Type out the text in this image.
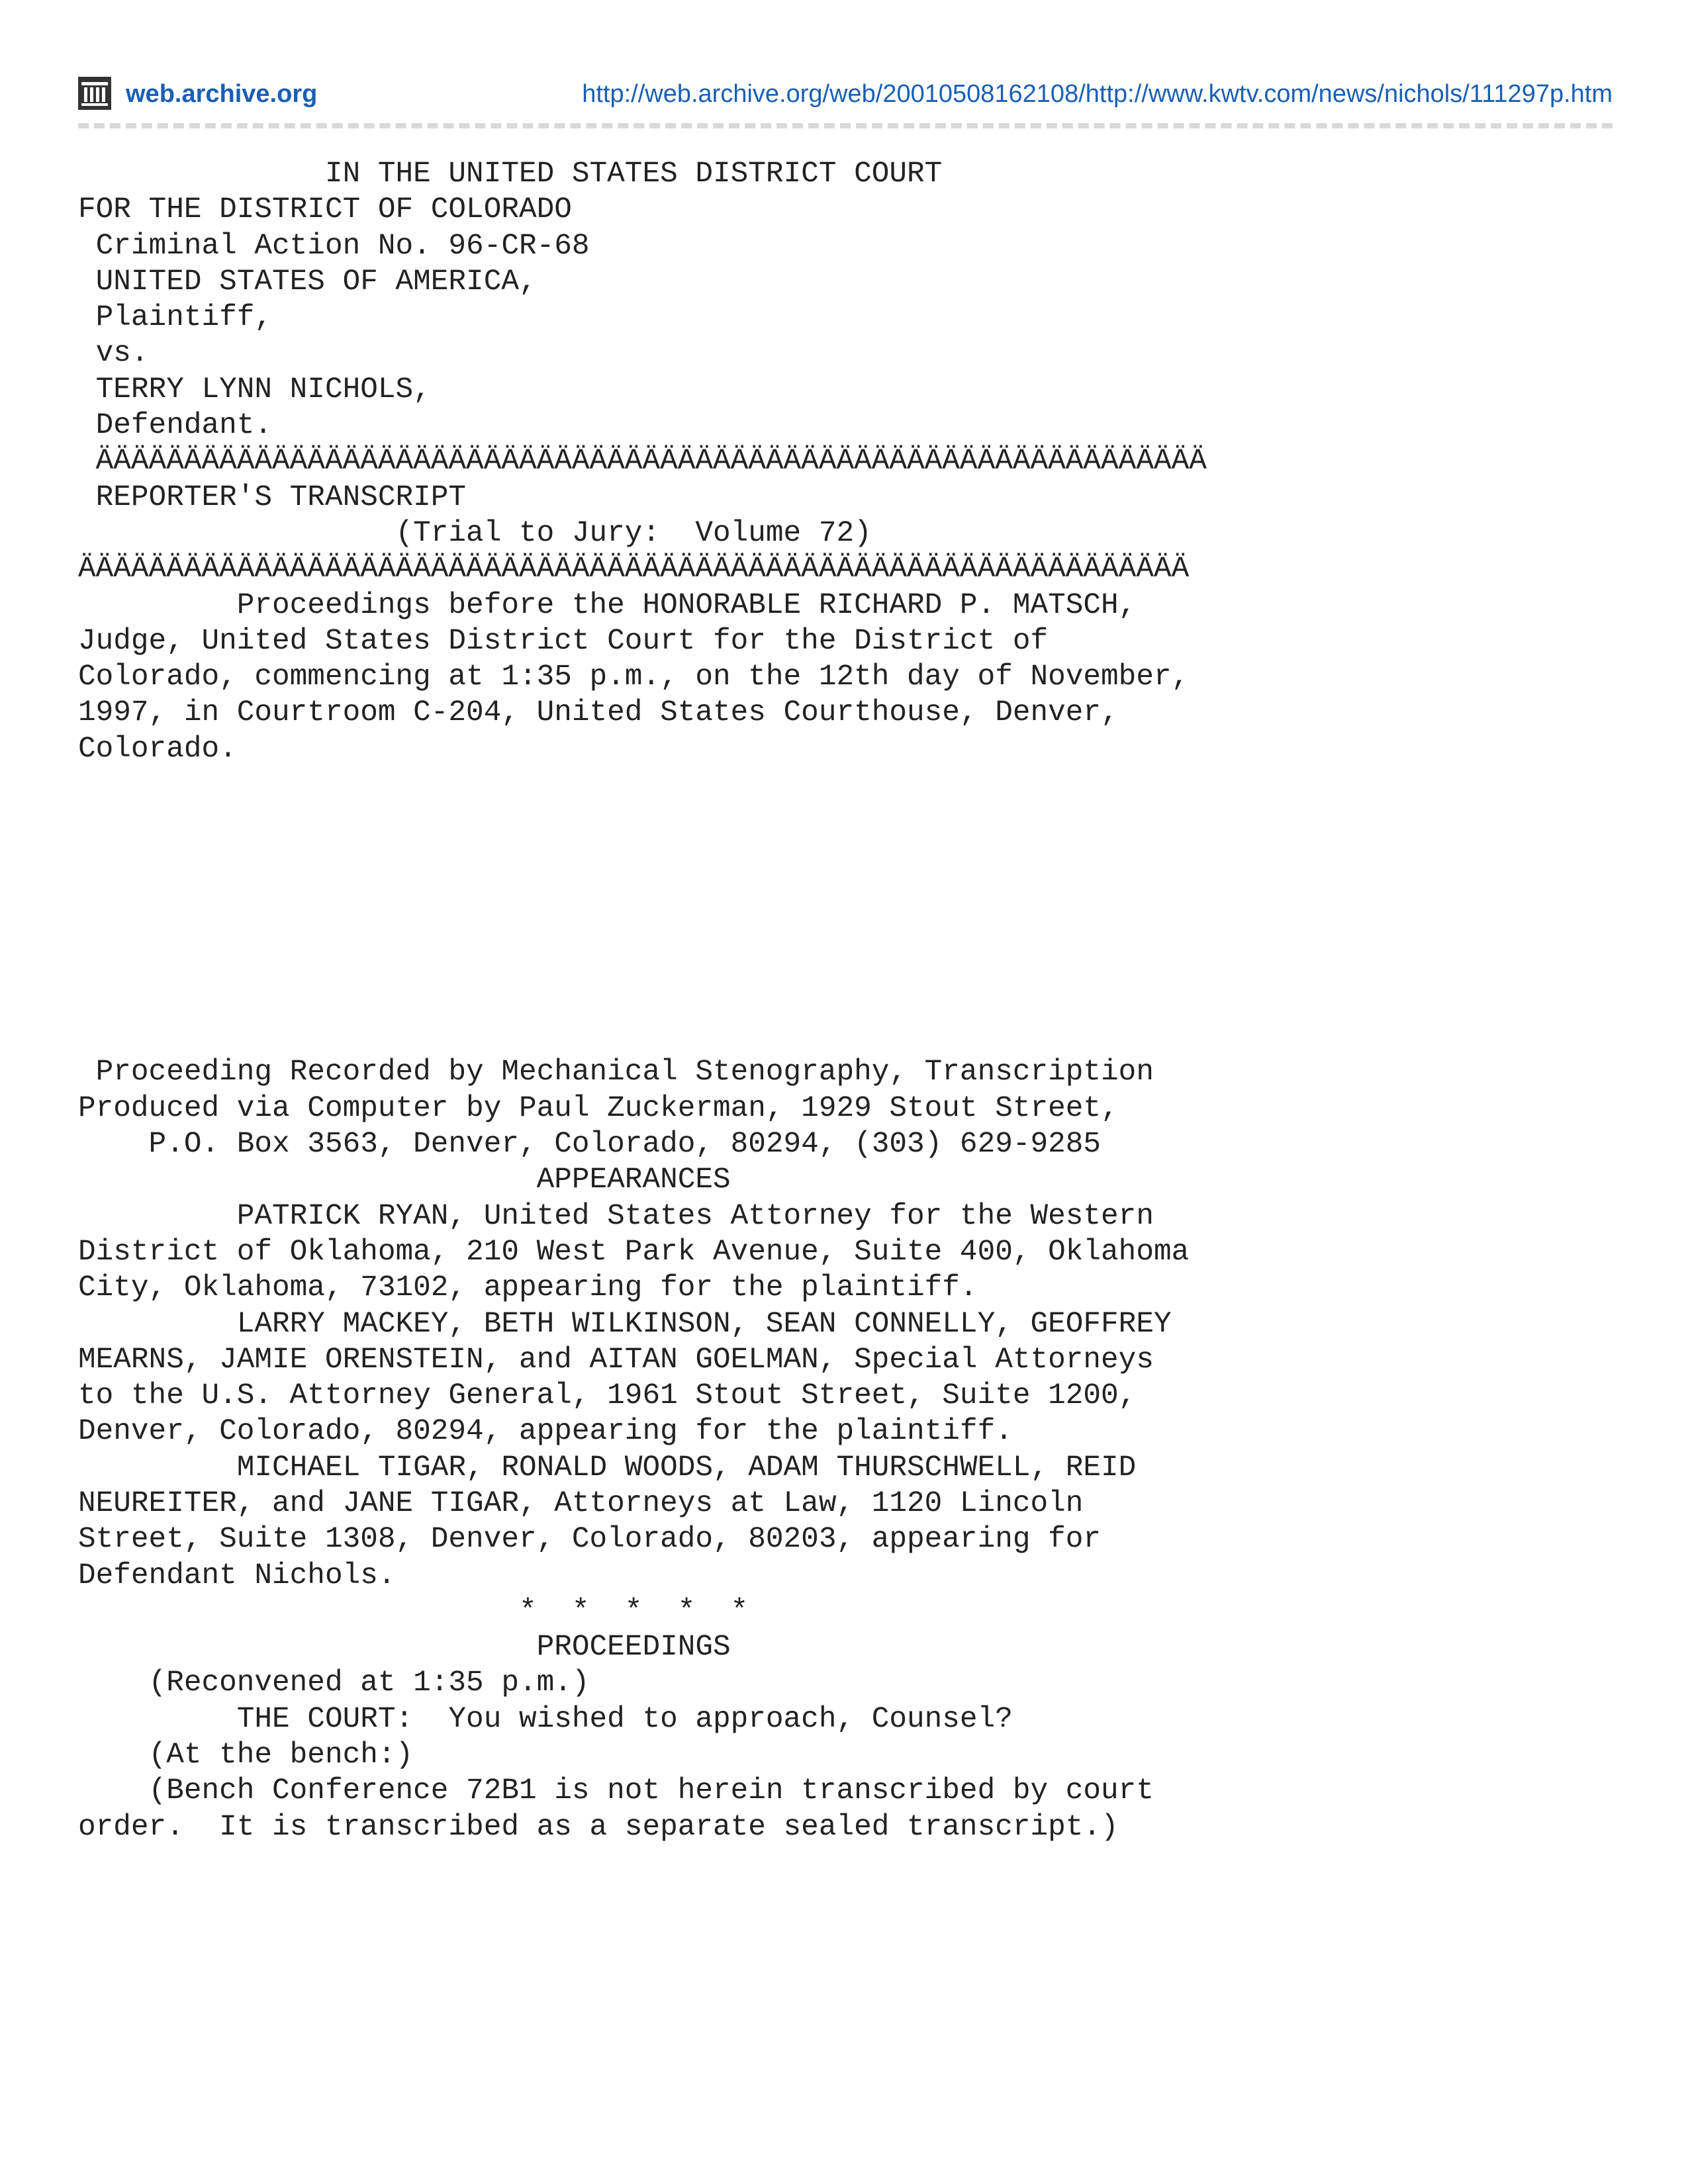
web.archive.org	http://web.archive.org/web/20010508162108/http://www.kwtv.com/news/nichols/111297p.htm
IN THE UNITED STATES DISTRICT COURT
FOR THE DISTRICT OF COLORADO
Criminal Action No. 96-CR-68
UNITED STATES OF AMERICA,
Plaintiff,
vs.
TERRY LYNN NICHOLS,
Defendant.
ÄÄÄÄÄÄÄÄÄÄÄÄÄÄÄÄÄÄÄÄÄÄÄÄÄÄÄÄÄÄÄÄÄÄÄÄÄÄÄÄÄÄÄÄÄÄÄÄÄÄÄÄÄÄÄÄÄÄÄÄÄÄÄ
REPORTER'S TRANSCRIPT
(Trial to Jury:  Volume 72)
ÄÄÄÄÄÄÄÄÄÄÄÄÄÄÄÄÄÄÄÄÄÄÄÄÄÄÄÄÄÄÄÄÄÄÄÄÄÄÄÄÄÄÄÄÄÄÄÄÄÄÄÄÄÄÄÄÄÄÄÄÄÄÄ
Proceedings before the HONORABLE RICHARD P. MATSCH,
Judge, United States District Court for the District of
Colorado, commencing at 1:35 p.m., on the 12th day of November,
1997, in Courtroom C-204, United States Courthouse, Denver,
Colorado.
Proceeding Recorded by Mechanical Stenography, Transcription
Produced via Computer by Paul Zuckerman, 1929 Stout Street,
P.O. Box 3563, Denver, Colorado, 80294, (303) 629-9285
APPEARANCES
PATRICK RYAN, United States Attorney for the Western
District of Oklahoma, 210 West Park Avenue, Suite 400, Oklahoma
City, Oklahoma, 73102, appearing for the plaintiff.
LARRY MACKEY, BETH WILKINSON, SEAN CONNELLY, GEOFFREY
MEARNS, JAMIE ORENSTEIN, and AITAN GOELMAN, Special Attorneys
to the U.S. Attorney General, 1961 Stout Street, Suite 1200,
Denver, Colorado, 80294, appearing for the plaintiff.
MICHAEL TIGAR, RONALD WOODS, ADAM THURSCHWELL, REID
NEUREITER, and JANE TIGAR, Attorneys at Law, 1120 Lincoln
Street, Suite 1308, Denver, Colorado, 80203, appearing for
Defendant Nichols.
*  *  *  *  *
PROCEEDINGS
(Reconvened at 1:35 p.m.)
THE COURT:  You wished to approach, Counsel?
(At the bench:)
(Bench Conference 72B1 is not herein transcribed by court
order.  It is transcribed as a separate sealed transcript.)
